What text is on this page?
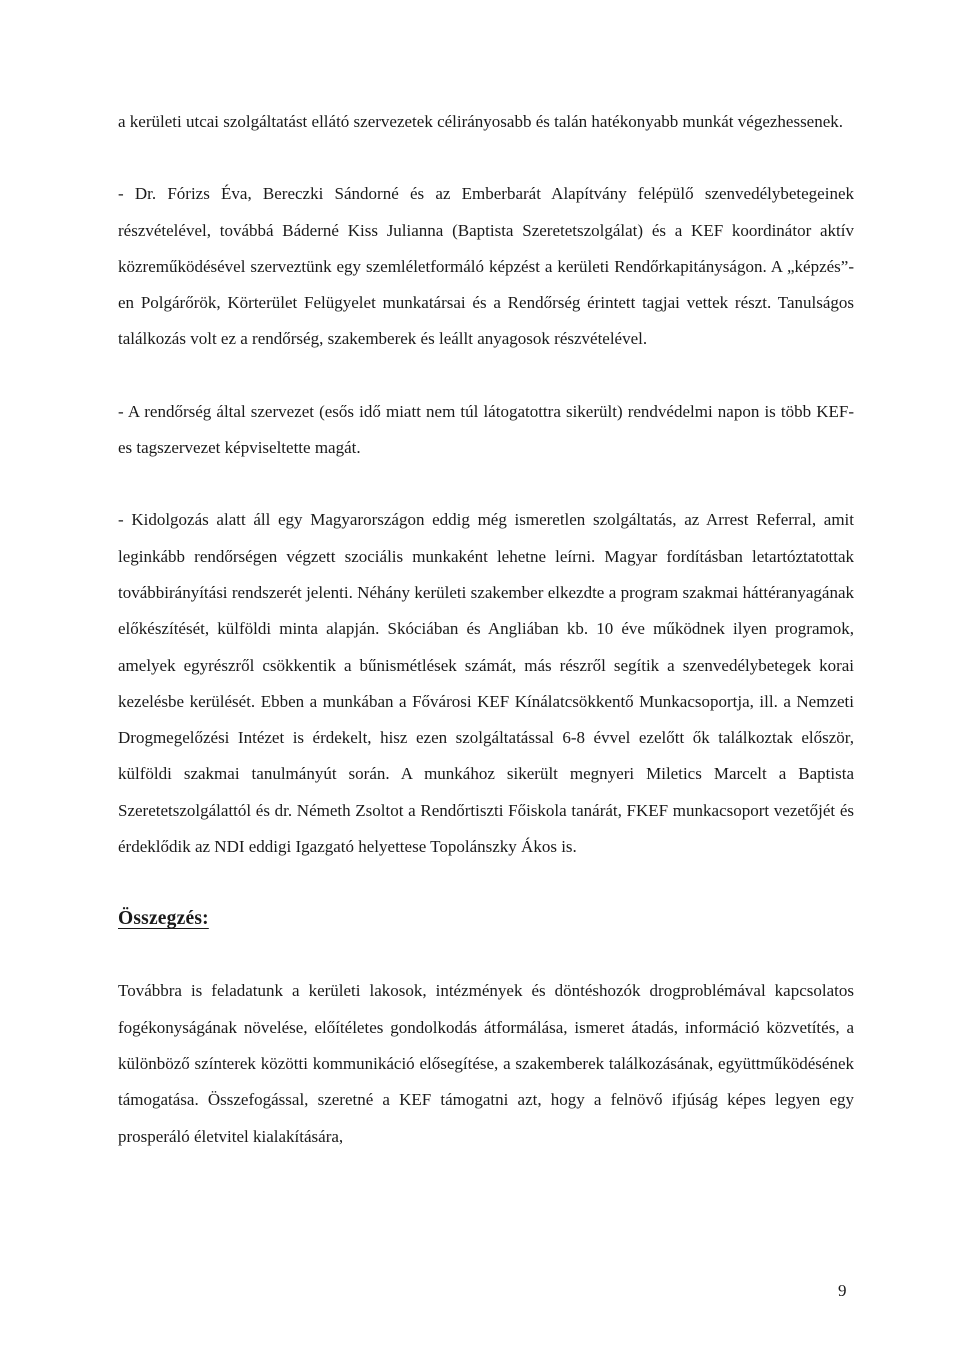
a kerületi utcai szolgáltatást ellátó szervezetek célirányosabb és talán hatékonyabb munkát végezhessenek.

- Dr. Fórizs Éva, Bereczki Sándorné és az Emberbarát Alapítvány felépülő szenvedélybetegeinek részvételével, továbbá Báderné Kiss Julianna (Baptista Szeretetszolgálat) és a KEF koordinátor aktív közreműködésével szerveztünk egy szemléletformáló képzést a kerületi Rendőrkapitányságon. A „képzés”-en Polgárőrök, Körterület Felügyelet munkatársai és a Rendőrség érintett tagjai vettek részt. Tanulságos találkozás volt ez a rendőrség, szakemberek és leállt anyagosok részvételével.

- A rendőrség által szervezet (esős idő miatt nem túl látogatottra sikerült) rendvédelmi napon is több KEF-es tagszervezet képviseltette magát.

- Kidolgozás alatt áll egy Magyarországon eddig még ismeretlen szolgáltatás, az Arrest Referral, amit leginkább rendőrségen végzett szociális munkaként lehetne leírni. Magyar fordításban letartóztatottak továbbirányítási rendszerét jelenti. Néhány kerületi szakember elkezdte a program szakmai háttéranyagának előkészítését, külföldi minta alapján. Skóciában és Angliában kb. 10 éve működnek ilyen programok, amelyek egyrészről csökkentik a bűnismétlések számát, más részről segítik a szenvedélybetegek korai kezelésbe kerülését. Ebben a munkában a Fővárosi KEF Kínálatcsökkentő Munkacsoportja, ill. a Nemzeti Drogmegelőzési Intézet is érdekelt, hisz ezen szolgáltatással 6-8 évvel ezelőtt ők találkoztak először, külföldi szakmai tanulmányút során. A munkához sikerült megnyeri Miletics Marcelt a Baptista Szeretetszolgálattól és dr. Németh Zsoltot a Rendőrtiszti Főiskola tanárát, FKEF munkacsoport vezetőjét és érdeklődik az NDI eddigi Igazgató helyettese Topolánszky Ákos is.

Összegzés:

Továbbra is feladatunk a kerületi lakosok, intézmények és döntéshozók drogproblémával kapcsolatos fogékonyságának növelése, előítéletes gondolkodás átformálása, ismeret átadás, információ közvetítés, a különböző színterek közötti kommunikáció elősegítése, a szakemberek találkozásának, együttműködésének támogatása. Összefogással, szeretné a KEF támogatni azt, hogy a felnövő ifjúság képes legyen egy prosperáló életvitel kialakítására,

9
